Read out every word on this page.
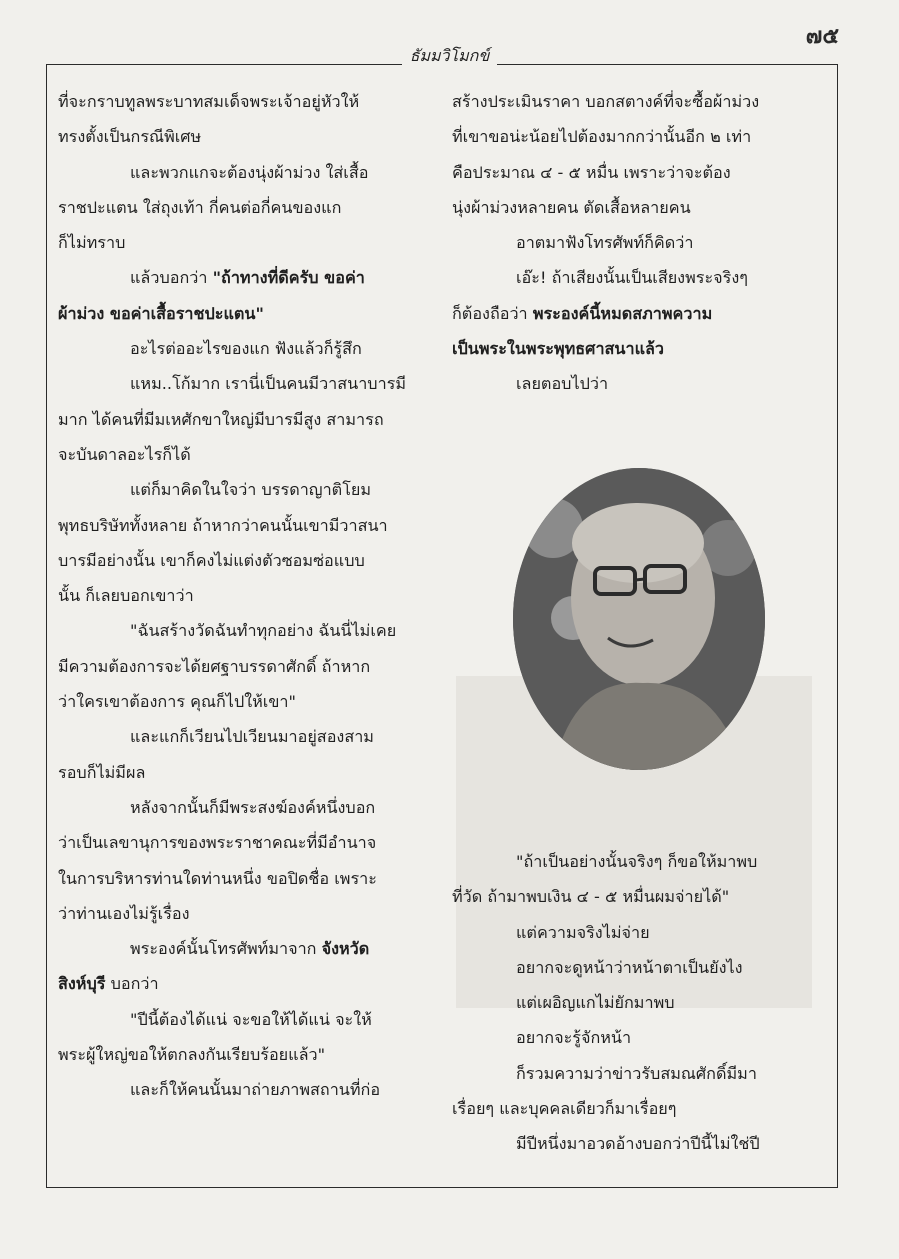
๗๕
ธัมมวิโมกข์
ที่จะกราบทูลพระบาทสมเด็จพระเจ้าอยู่หัวให้
ทรงตั้งเป็นกรณีพิเศษ
และพวกแกจะต้องนุ่งผ้าม่วง ใส่เสื้อ
ราชปะแตน ใส่ถุงเท้า กี่คนต่อกี่คนของแก
ก็ไม่ทราบ
แล้วบอกว่า "ถ้าทางที่ดีครับ ขอค่า
ผ้าม่วง ขอค่าเสื้อราชปะแตน"
อะไรต่ออะไรของแก ฟังแล้วก็รู้สึก
แหม..โก้มาก เรานี่เป็นคนมีวาสนาบารมี
มาก ได้คนที่มีมเหศักขาใหญ่มีบารมีสูง สามารถ
จะบันดาลอะไรก็ได้
แต่ก็มาคิดในใจว่า บรรดาญาติโยม
พุทธบริษัททั้งหลาย ถ้าหากว่าคนนั้นเขามีวาสนา
บารมีอย่างนั้น เขาก็คงไม่แต่งตัวซอมซ่อแบบ
นั้น ก็เลยบอกเขาว่า
"ฉันสร้างวัดฉันทำทุกอย่าง ฉันนี่ไม่เคย
มีความต้องการจะได้ยศฐาบรรดาศักดิ์ ถ้าหาก
ว่าใครเขาต้องการ คุณก็ไปให้เขา"
และแกก็เวียนไปเวียนมาอยู่สองสาม
รอบก็ไม่มีผล
หลังจากนั้นก็มีพระสงฆ์องค์หนึ่งบอก
ว่าเป็นเลขานุการของพระราชาคณะที่มีอำนาจ
ในการบริหารท่านใดท่านหนึ่ง ขอปิดชื่อ เพราะ
ว่าท่านเองไม่รู้เรื่อง
พระองค์นั้นโทรศัพท์มาจาก จังหวัด
สิงห์บุรี บอกว่า
"ปีนี้ต้องได้แน่ จะขอให้ได้แน่ จะให้
พระผู้ใหญ่ขอให้ตกลงกันเรียบร้อยแล้ว"
และก็ให้คนนั้นมาถ่ายภาพสถานที่ก่อ
สร้างประเมินราคา บอกสตางค์ที่จะซื้อผ้าม่วง
ที่เขาขอน่ะน้อยไปต้องมากกว่านั้นอีก ๒ เท่า
คือประมาณ ๔ - ๕ หมื่น เพราะว่าจะต้อง
นุ่งผ้าม่วงหลายคน ตัดเสื้อหลายคน
อาตมาฟังโทรศัพท์ก็คิดว่า
เอ๊ะ! ถ้าเสียงนั้นเป็นเสียงพระจริงๆ
ก็ต้องถือว่า พระองค์นี้หมดสภาพความ
เป็นพระในพระพุทธศาสนาแล้ว
เลยตอบไปว่า
"ถ้าเป็นอย่างนั้นจริงๆ ก็ขอให้มาพบ
ที่วัด ถ้ามาพบเงิน ๔ - ๕ หมื่นผมจ่ายได้"
แต่ความจริงไม่จ่าย
อยากจะดูหน้าว่าหน้าตาเป็นยังไง
แต่เผอิญแกไม่ยักมาพบ
อยากจะรู้จักหน้า
ก็รวมความว่าข่าวรับสมณศักดิ์มีมา
เรื่อยๆ และบุคคลเดียวก็มาเรื่อยๆ
มีปีหนึ่งมาอวดอ้างบอกว่าปีนี้ไม่ใช่ปี
